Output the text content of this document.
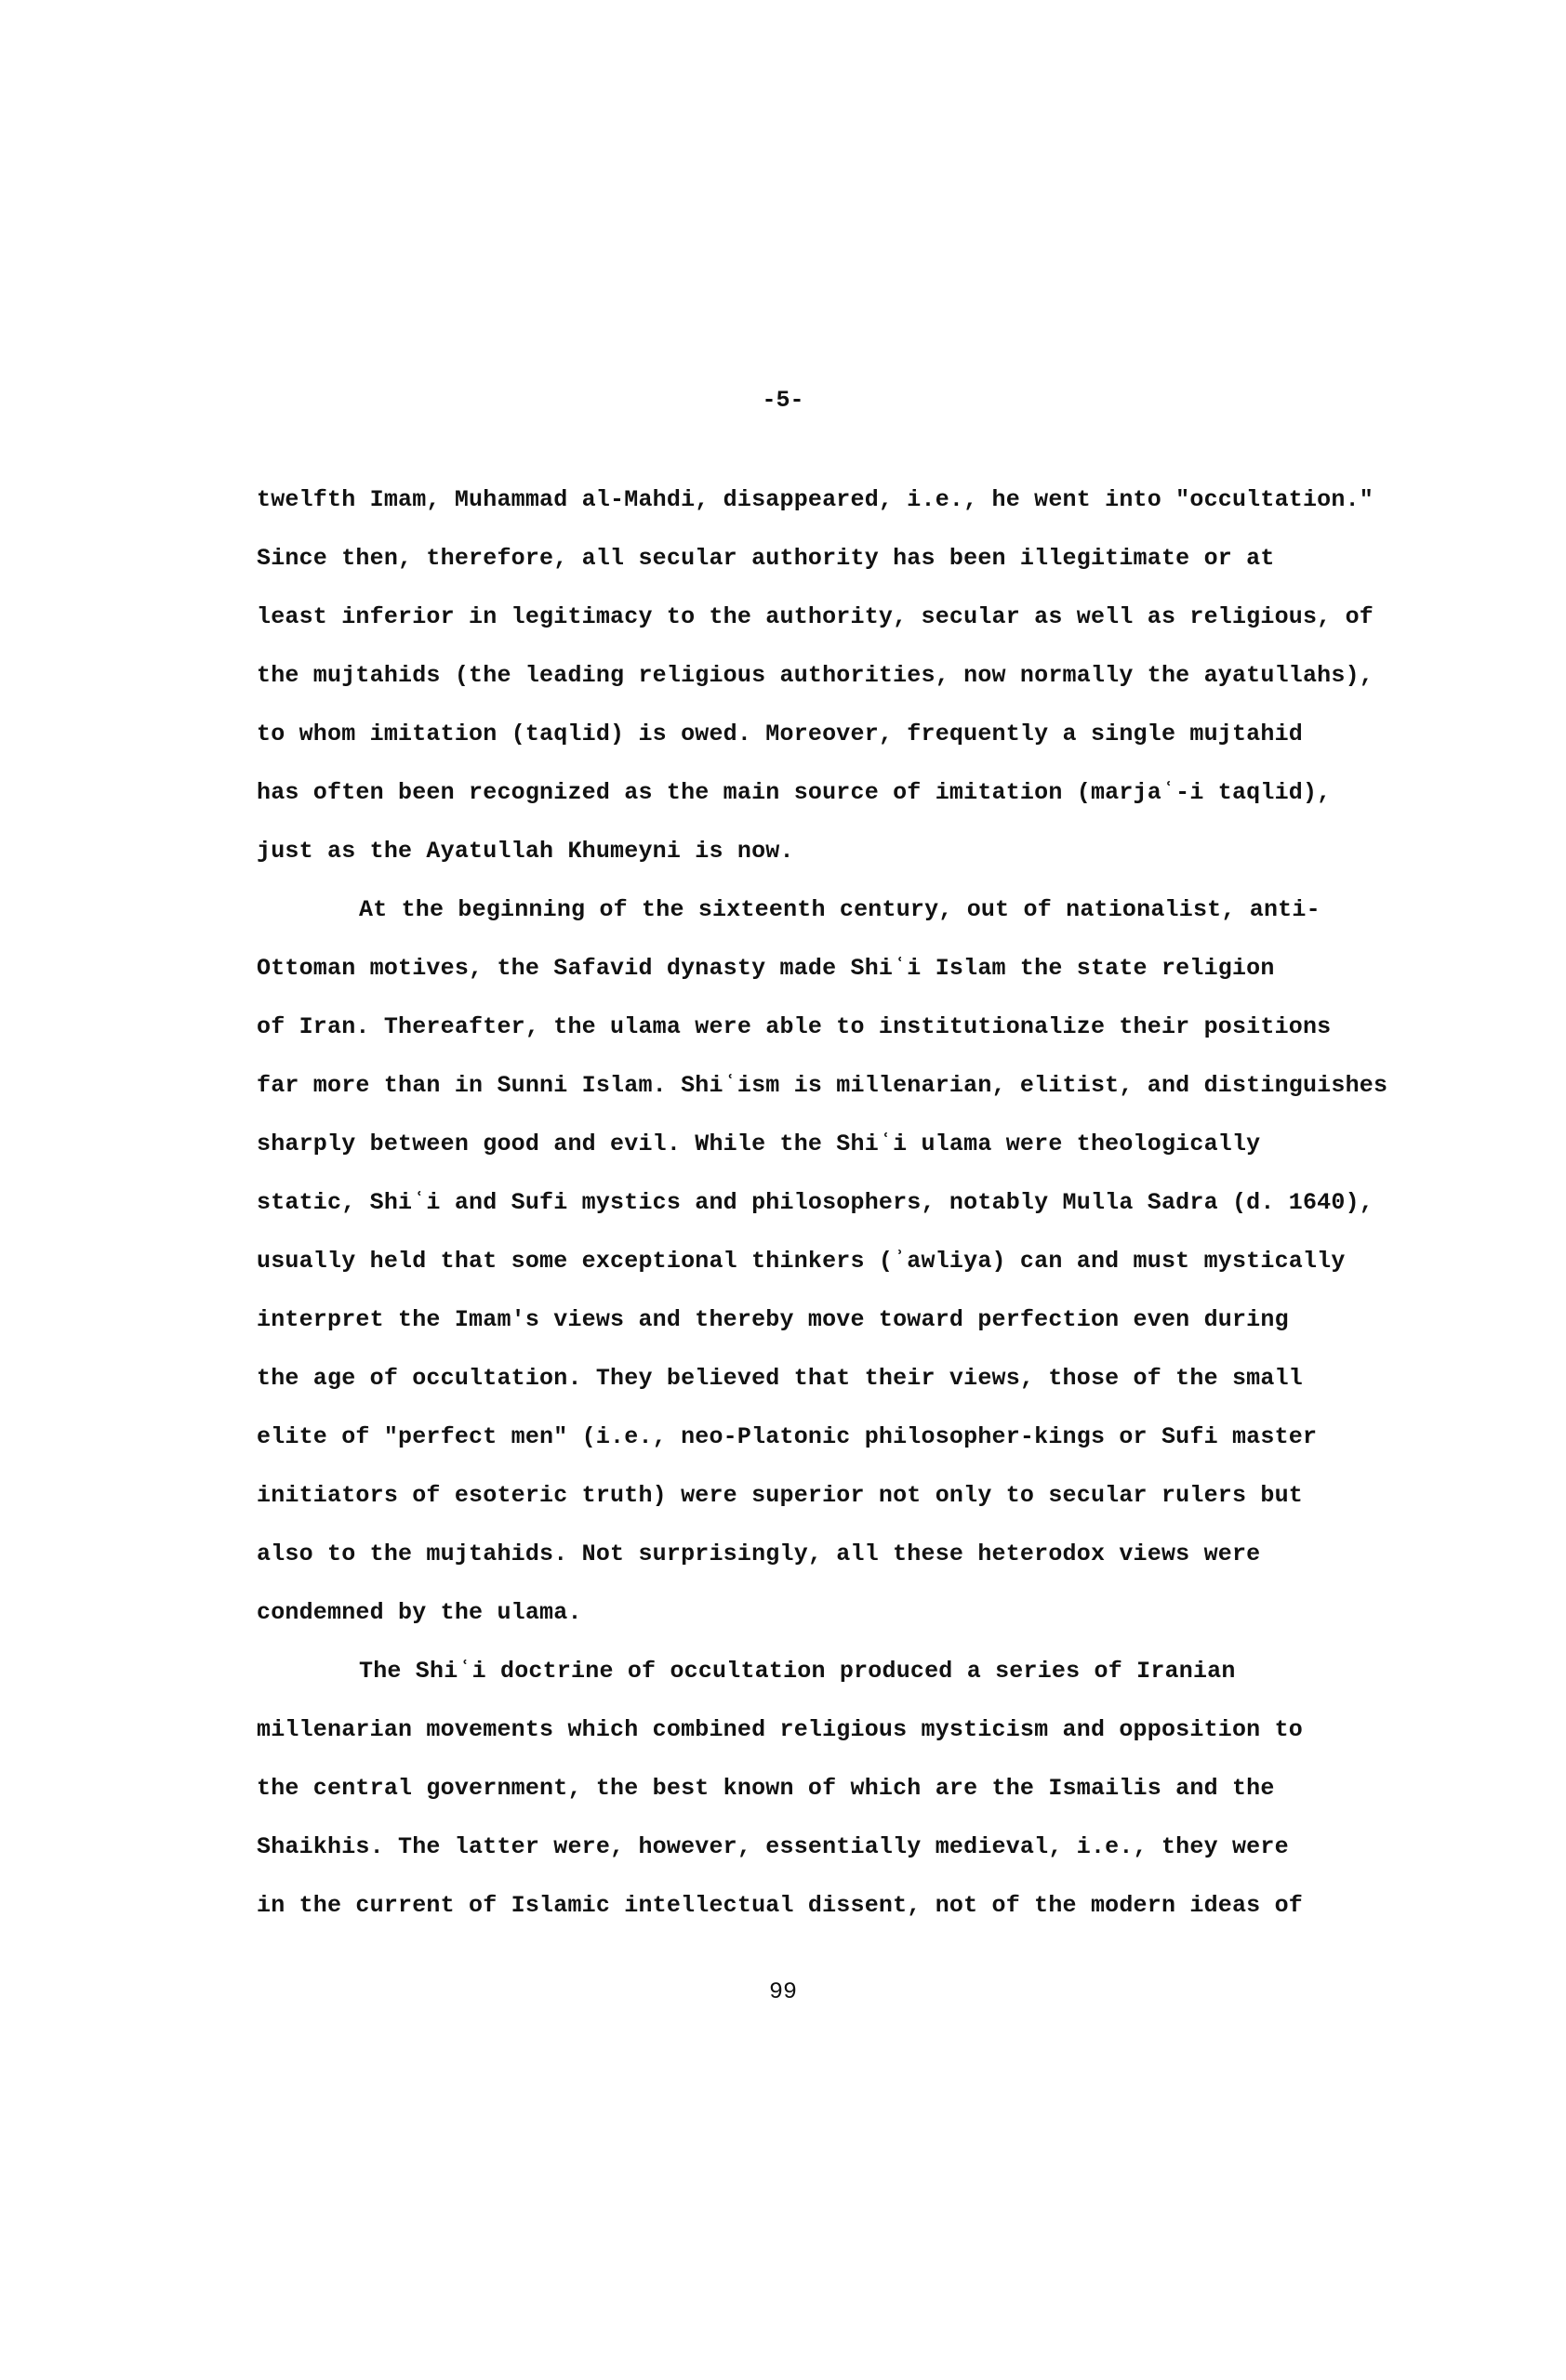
-5-
twelfth Imam, Muhammad al-Mahdi, disappeared, i.e., he went into "occultation."
Since then, therefore, all secular authority has been illegitimate or at
least inferior in legitimacy to the authority, secular as well as religious, of
the mujtahids (the leading religious authorities, now normally the ayatullahs),
to whom imitation (taqlid) is owed. Moreover, frequently a single mujtahid
has often been recognized as the main source of imitation (marjaʿ-i taqlid),
just as the Ayatullah Khumeyni is now.
At the beginning of the sixteenth century, out of nationalist, anti-
Ottoman motives, the Safavid dynasty made Shiʿi Islam the state religion
of Iran. Thereafter, the ulama were able to institutionalize their positions
far more than in Sunni Islam. Shiʿism is millenarian, elitist, and distinguishes
sharply between good and evil. While the Shiʿi ulama were theologically
static, Shiʿi and Sufi mystics and philosophers, notably Mulla Sadra (d. 1640),
usually held that some exceptional thinkers (ʾawliya) can and must mystically
interpret the Imam's views and thereby move toward perfection even during
the age of occultation. They believed that their views, those of the small
elite of "perfect men" (i.e., neo-Platonic philosopher-kings or Sufi master
initiators of esoteric truth) were superior not only to secular rulers but
also to the mujtahids. Not surprisingly, all these heterodox views were
condemned by the ulama.
The Shiʿi doctrine of occultation produced a series of Iranian
millenarian movements which combined religious mysticism and opposition to
the central government, the best known of which are the Ismailis and the
Shaikhis. The latter were, however, essentially medieval, i.e., they were
in the current of Islamic intellectual dissent, not of the modern ideas of
99
